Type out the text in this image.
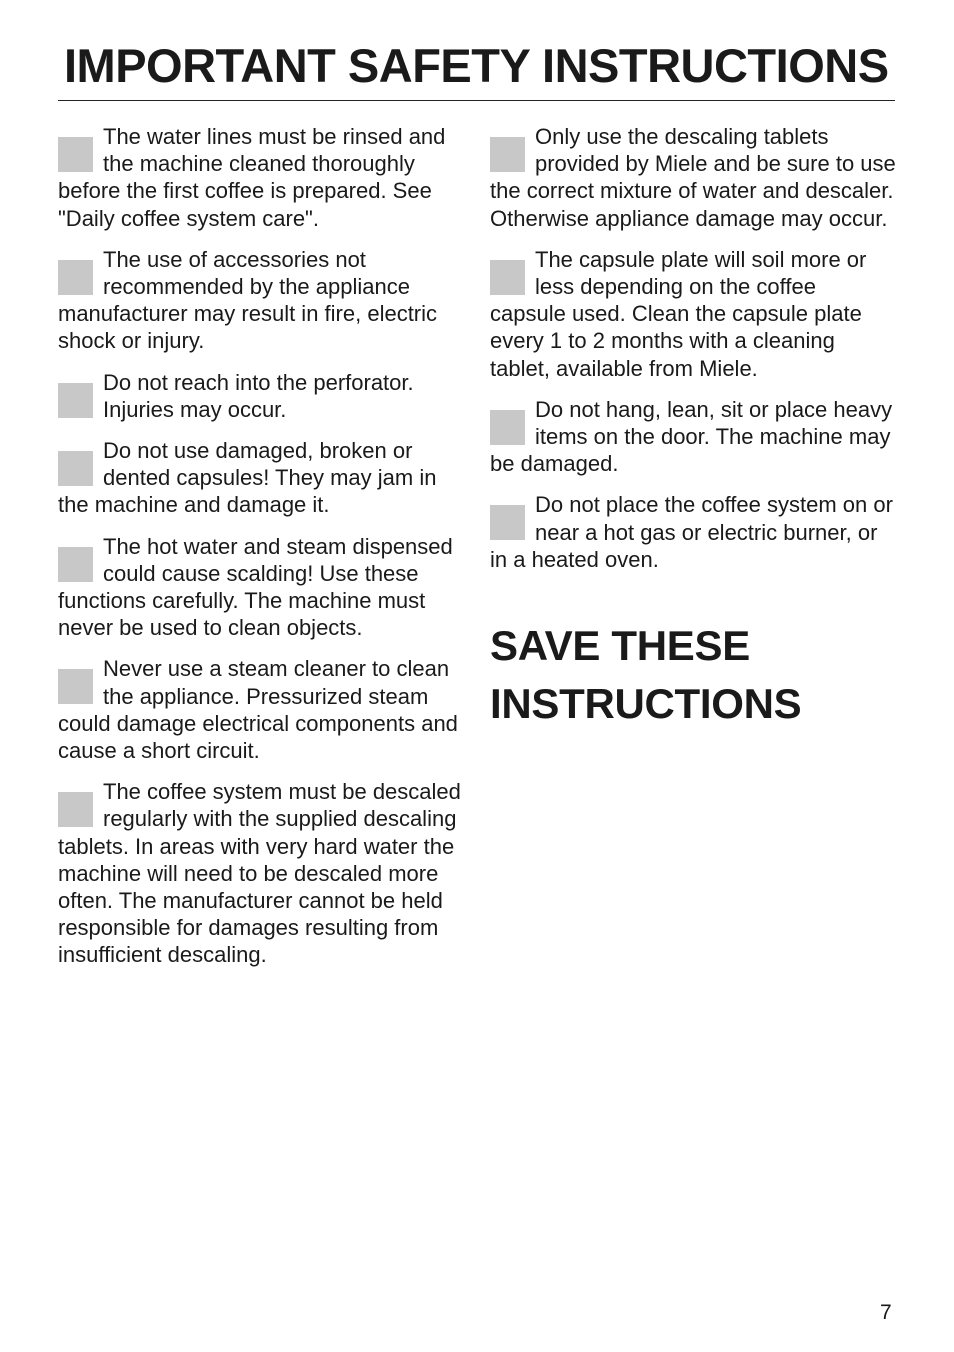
IMPORTANT SAFETY INSTRUCTIONS

The water lines must be rinsed and the machine cleaned thoroughly before the first coffee is prepared. See "Daily coffee system care".

The use of accessories not recommended by the appliance manufacturer may result in fire, electric shock or injury.

Do not reach into the perforator. Injuries may occur.

Do not use damaged, broken or dented capsules! They may jam in the machine and damage it.

The hot water and steam dispensed could cause scalding! Use these functions carefully. The machine must never be used to clean objects.

Never use a steam cleaner to clean the appliance. Pressurized steam could damage electrical components and cause a short circuit.

The coffee system must be descaled regularly with the supplied descaling tablets. In areas with very hard water the machine will need to be descaled more often. The manufacturer cannot be held responsible for damages resulting from insufficient descaling.

Only use the descaling tablets provided by Miele and be sure to use the correct mixture of water and descaler. Otherwise appliance damage may occur.

The capsule plate will soil more or less depending on the coffee capsule used. Clean the capsule plate every 1 to 2 months with a cleaning tablet, available from Miele.

Do not hang, lean, sit or place heavy items on the door. The machine may be damaged.

Do not place the coffee system on or near a hot gas or electric burner, or in a heated oven.

SAVE THESE
INSTRUCTIONS
7
